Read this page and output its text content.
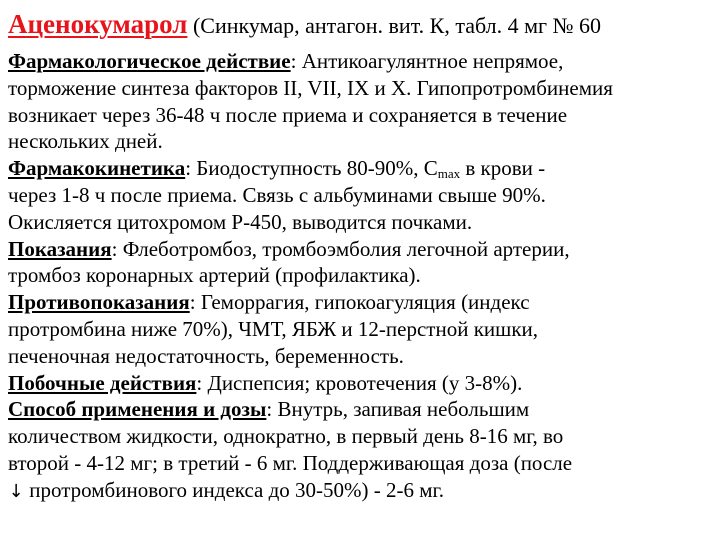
Аценокумарол (Синкумар, антагон. вит. К, табл. 4 мг № 60
Фармакологическое действие: Антикоагулянтное непрямое,
торможение синтеза факторов II, VII, IX и X. Гипопротромбинемия
возникает через 36-48 ч после приема и сохраняется в течение
нескольких дней.
Фармакокинетика: Биодоступность 80-90%, $C_{max}$ в крови -
через 1-8 ч после приема. Связь с альбуминами свыше 90%.
Окисляется цитохромом Р-450, выводится почками.
Показания: Флеботромбоз, тромбоэмболия легочной артерии,
тромбоз коронарных артерий (профилактика).
Противопоказания: Геморрагия, гипокоагуляция (индекс
протромбина ниже 70%), ЧМТ, ЯБЖ и 12-перстной кишки,
печеночная недостаточность, беременность.
Побочные действия: Диспепсия; кровотечения (у 3-8%).
Способ применения и дозы: Внутрь, запивая небольшим
количеством жидкости, однократно, в первый день 8-16 мг, во
второй - 4-12 мг; в третий - 6 мг. Поддерживающая доза (после
↓ протромбинового индекса до 30-50%) - 2-6 мг.
